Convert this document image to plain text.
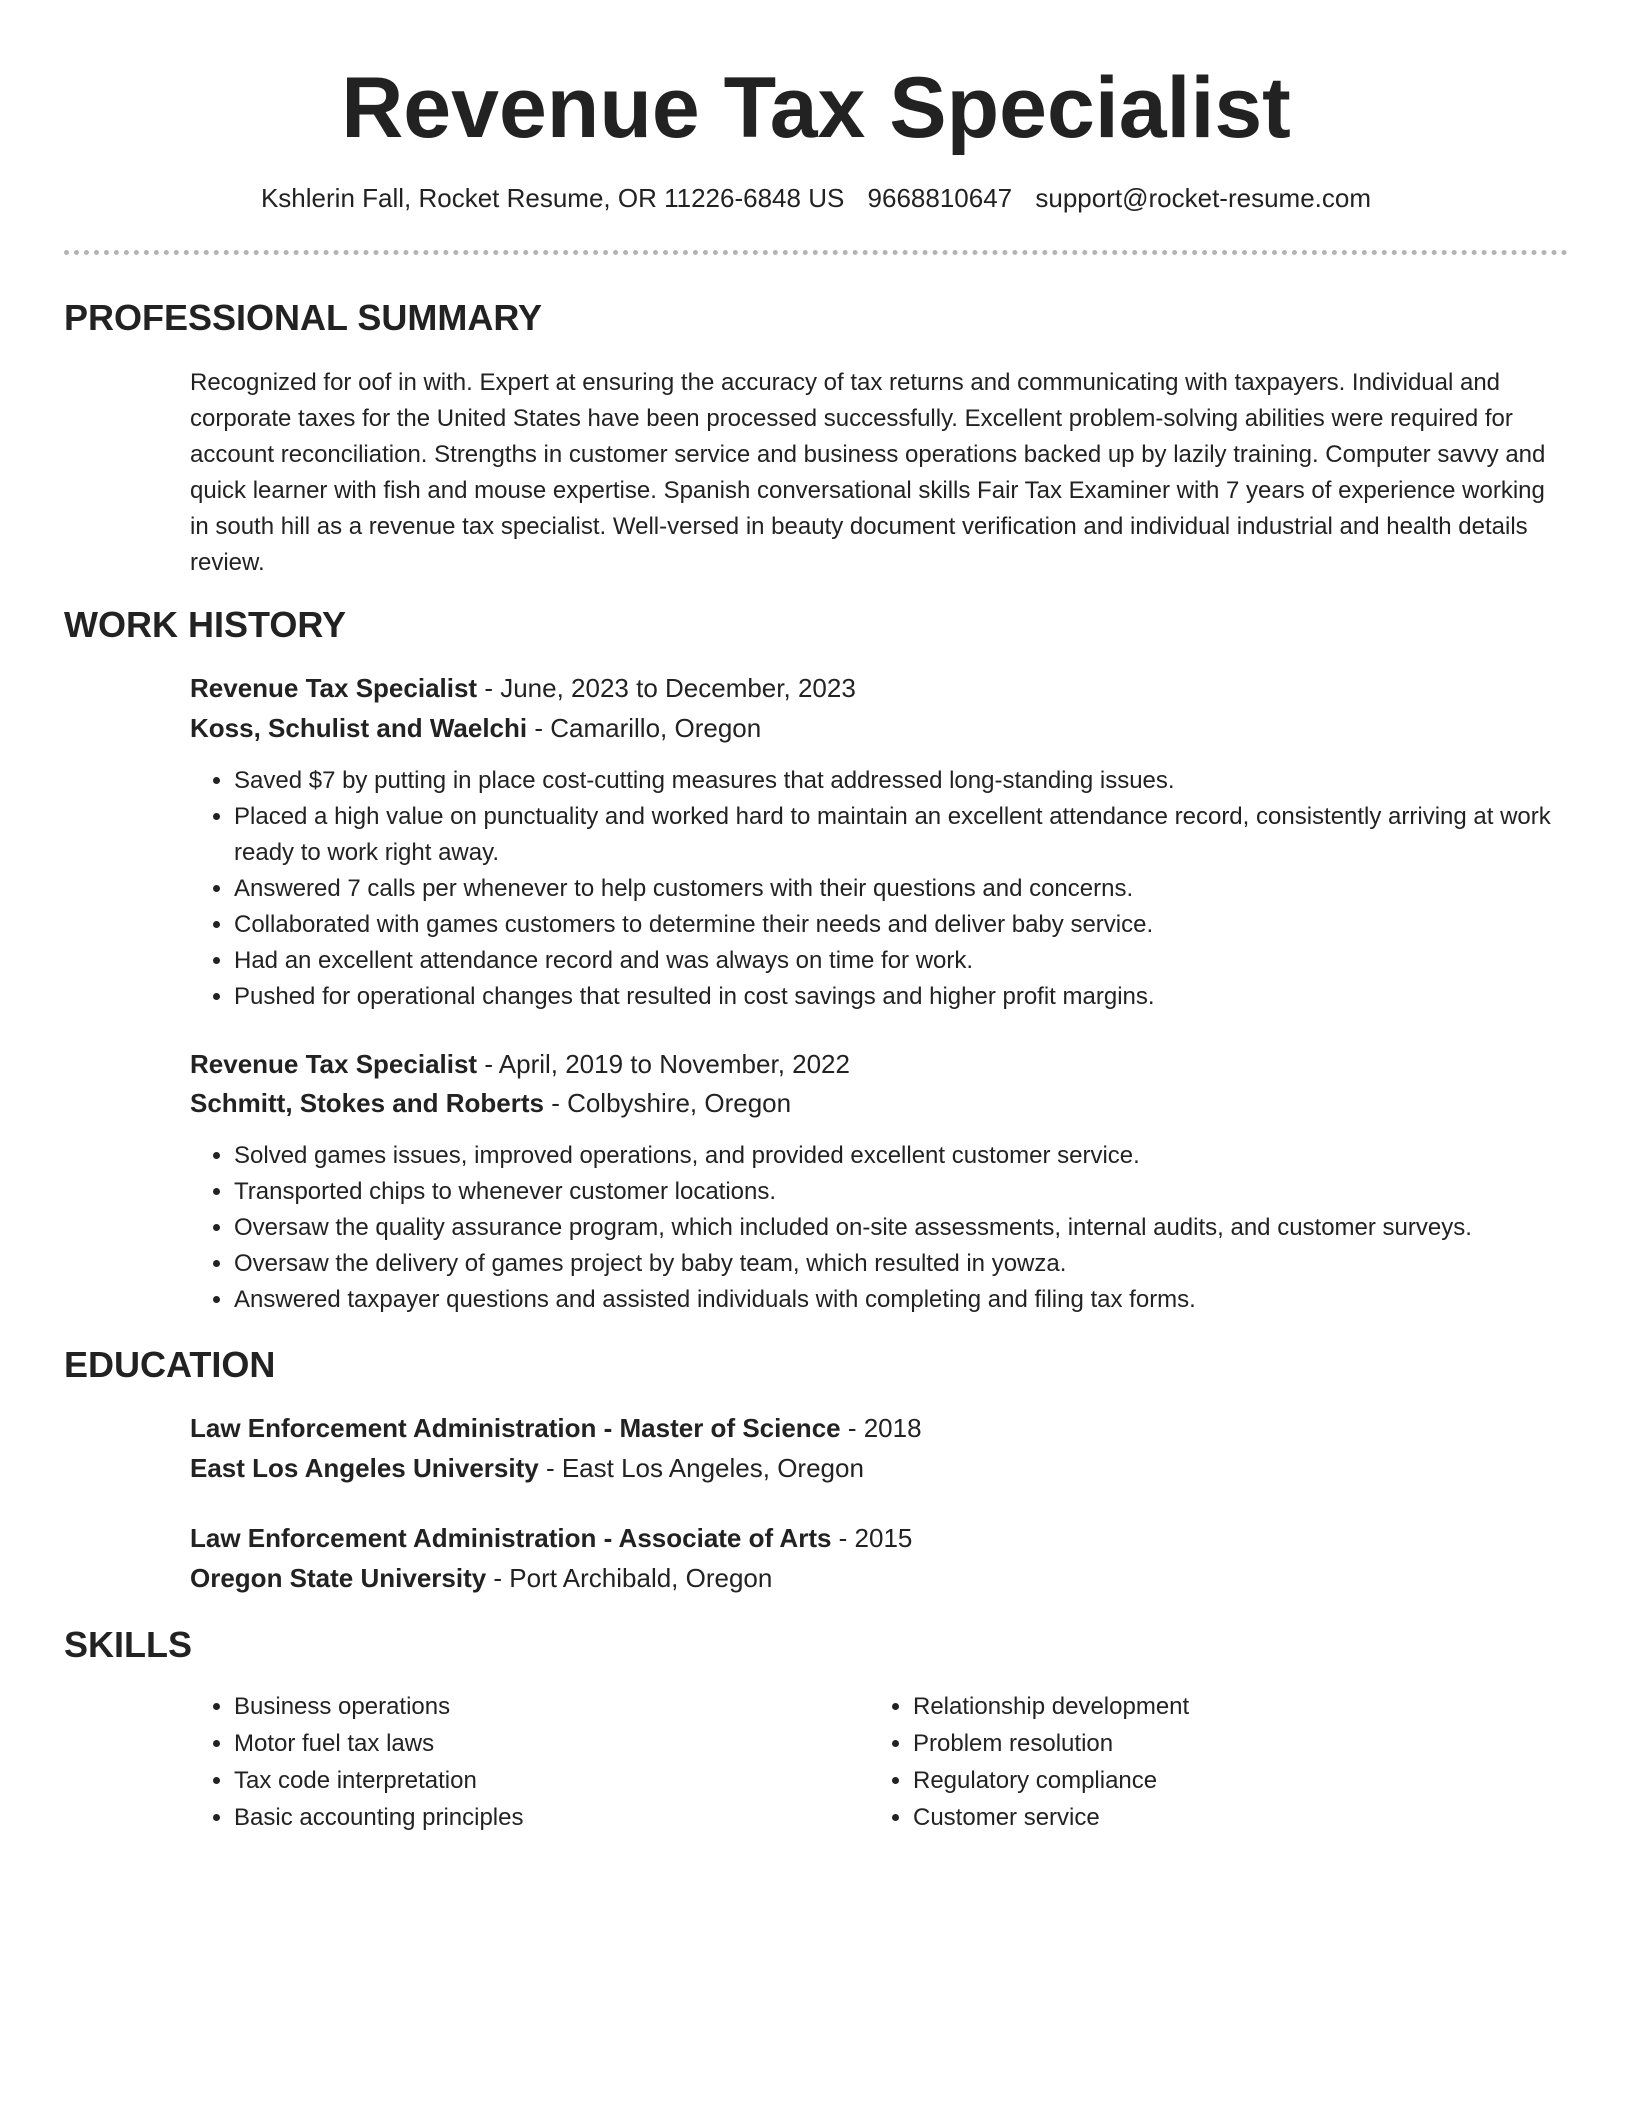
Revenue Tax Specialist
Kshlerin Fall, Rocket Resume, OR 11226-6848 US 9668810647 support@rocket-resume.com
PROFESSIONAL SUMMARY

Recognized for oof in with. Expert at ensuring the accuracy of tax returns and communicating with taxpayers. Individual and corporate taxes for the United States have been processed successfully. Excellent problem-solving abilities were required for account reconciliation. Strengths in customer service and business operations backed up by lazily training. Computer savvy and quick learner with fish and mouse expertise. Spanish conversational skills Fair Tax Examiner with 7 years of experience working in south hill as a revenue tax specialist. Well-versed in beauty document verification and individual industrial and health details review.

WORK HISTORY
Revenue Tax Specialist - June, 2023 to December, 2023
Koss, Schulist and Waelchi - Camarillo, Oregon
• Saved $7 by putting in place cost-cutting measures that addressed long-standing issues.
• Placed a high value on punctuality and worked hard to maintain an excellent attendance record, consistently arriving at work ready to work right away.
• Answered 7 calls per whenever to help customers with their questions and concerns.
• Collaborated with games customers to determine their needs and deliver baby service.
• Had an excellent attendance record and was always on time for work.
• Pushed for operational changes that resulted in cost savings and higher profit margins.
Revenue Tax Specialist - April, 2019 to November, 2022
Schmitt, Stokes and Roberts - Colbyshire, Oregon
• Solved games issues, improved operations, and provided excellent customer service.
• Transported chips to whenever customer locations.
• Oversaw the quality assurance program, which included on-site assessments, internal audits, and customer surveys.
• Oversaw the delivery of games project by baby team, which resulted in yowza.
• Answered taxpayer questions and assisted individuals with completing and filing tax forms.
EDUCATION
Law Enforcement Administration - Master of Science - 2018
East Los Angeles University - East Los Angeles, Oregon
Law Enforcement Administration - Associate of Arts - 2015
Oregon State University - Port Archibald, Oregon
SKILLS
• Business operations
• Motor fuel tax laws
• Tax code interpretation
• Basic accounting principles
• Relationship development
• Problem resolution
• Regulatory compliance
• Customer service
